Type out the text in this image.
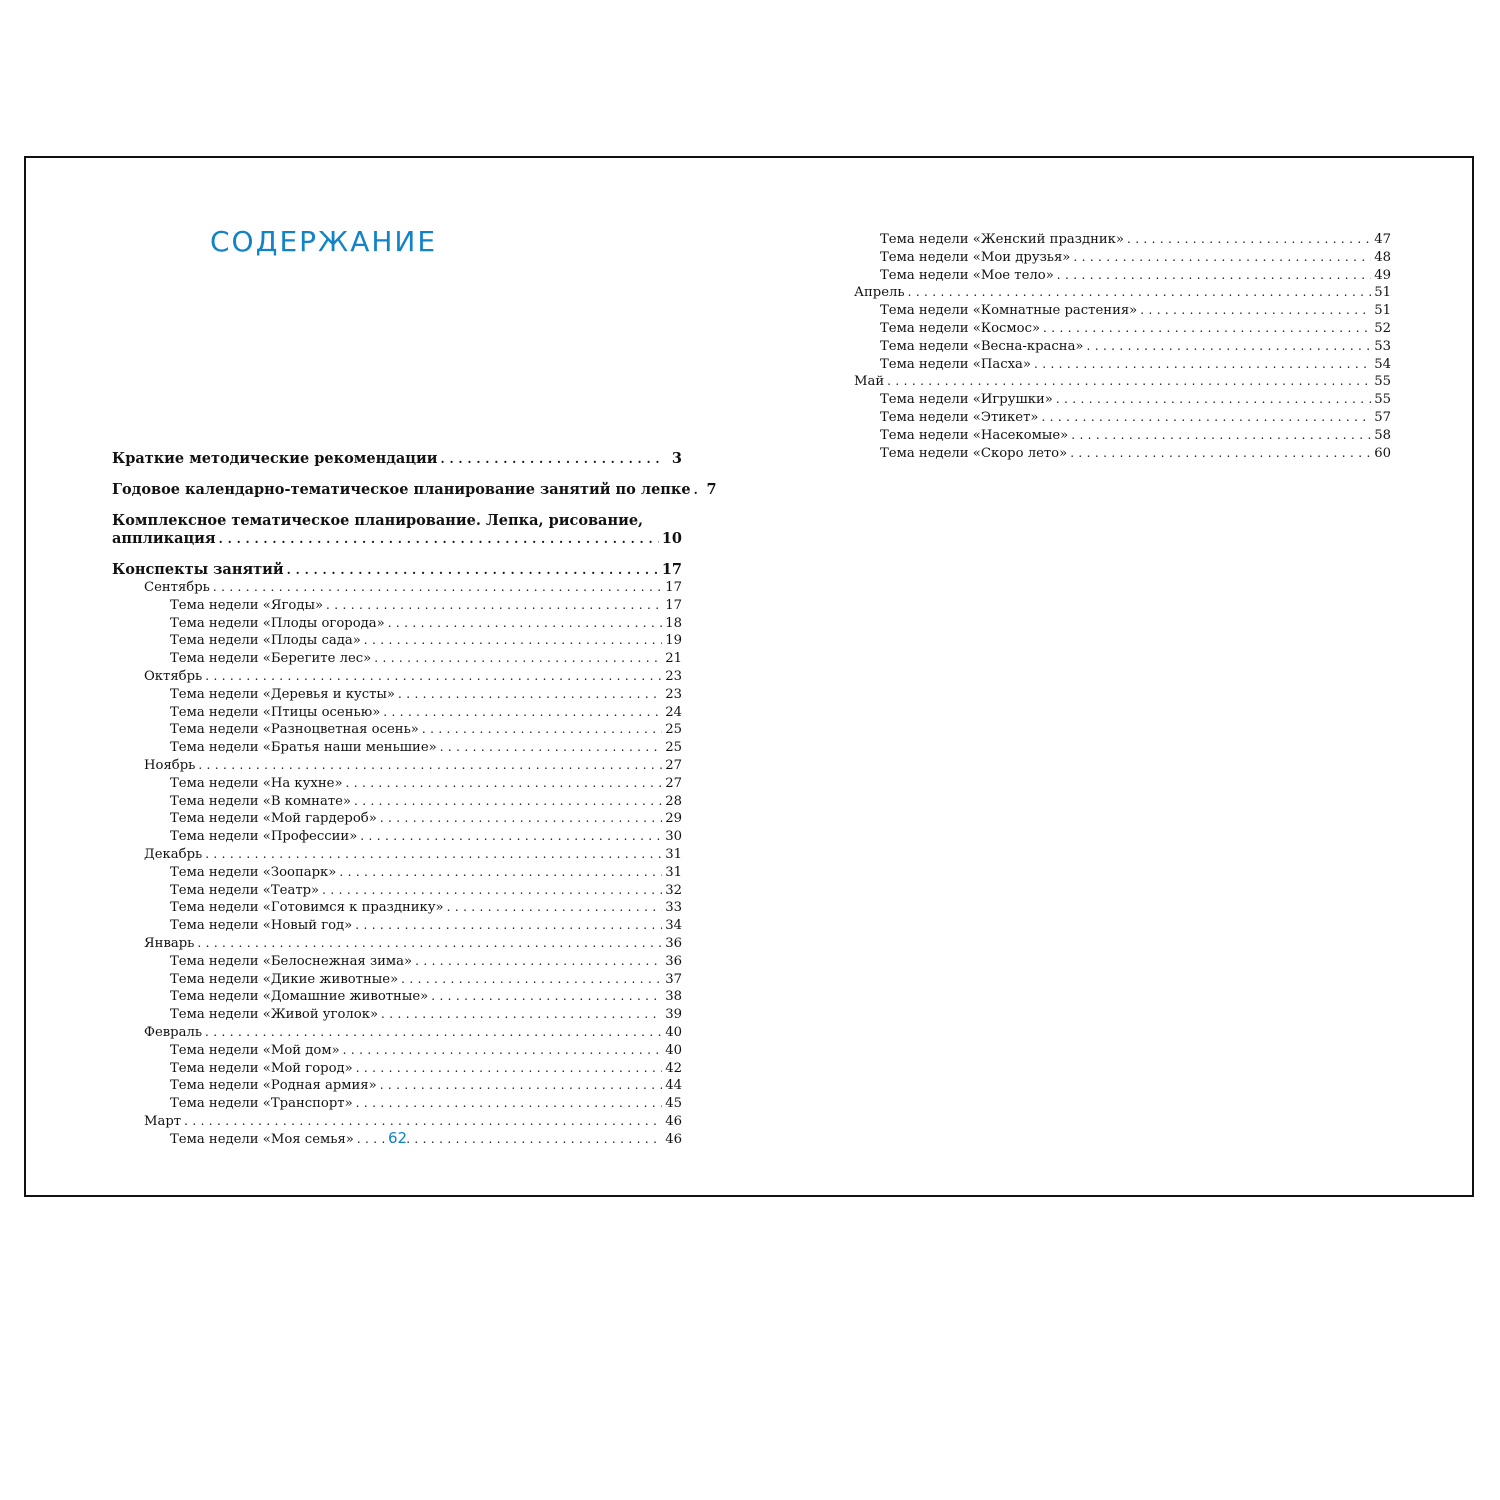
СОДЕРЖАНИЕ
Краткие методические рекомендации . . .	3
Годовое календарно-тематическое планирование занятий по лепке . . . 7
Комплексное тематическое планирование. Лепка, рисование,
аппликация . . .	10
Конспекты занятий . . .	17
Сентябрь . . .	17
Тема недели «Ягоды» . . .	17
Тема недели «Плоды огорода» . . .	18
Тема недели «Плоды сада» . . .	19
Тема недели «Берегите лес» . . .	21
Октябрь . . .	23
Тема недели «Деревья и кусты» . . .	23
Тема недели «Птицы осенью» . . .	24
Тема недели «Разноцветная осень» . . .	25
Тема недели «Братья наши меньшие» . . .	25
Ноябрь . . .	27
Тема недели «На кухне» . . .	27
Тема недели «В комнате» . . .	28
Тема недели «Мой гардероб» . . .	29
Тема недели «Профессии» . . .	30
Декабрь . . .	31
Тема недели «Зоопарк» . . .	31
Тема недели «Театр» . . .	32
Тема недели «Готовимся к празднику» . . .	33
Тема недели «Новый год» . . .	34
Январь . . .	36
Тема недели «Белоснежная зима» . . .	36
Тема недели «Дикие животные» . . .	37
Тема недели «Домашние животные» . . .	38
Тема недели «Живой уголок» . . .	39
Февраль . . .	40
Тема недели «Мой дом» . . .	40
Тема недели «Мой город» . . .	42
Тема недели «Родная армия» . . .	44
Тема недели «Транспорт» . . .	45
Март . . .	46
Тема недели «Моя семья» . . .	46
62
Тема недели «Женский праздник» . . .	47
Тема недели «Мои друзья» . . .	48
Тема недели «Мое тело» . . .	49
Апрель . . .	51
Тема недели «Комнатные растения» . . .	51
Тема недели «Космос» . . .	52
Тема недели «Весна-красна» . . .	53
Тема недели «Пасха» . . .	54
Май . . .	55
Тема недели «Игрушки» . . .	55
Тема недели «Этикет» . . .	57
Тема недели «Насекомые» . . .	58
Тема недели «Скоро лето» . . .	60
